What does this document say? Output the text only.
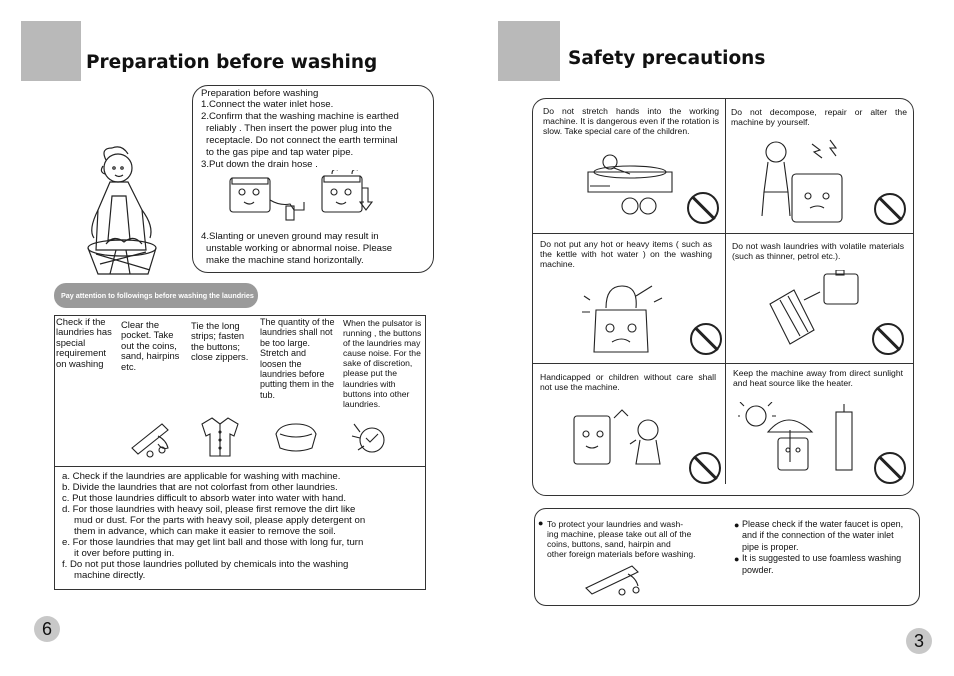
Preparation before washing
Preparation before washing
1.Connect the water inlet hose.
2.Confirm that the washing machine is earthed
reliably . Then insert the power plug into the
receptacle. Do not connect the earth terminal
to the gas pipe and tap water pipe.
3.Put down the drain hose .
4.Slanting or uneven ground may result in
unstable working or abnormal noise. Please
make the machine stand horizontally.
Pay attention to followings before washing the laundries
Check if the laundries has special requirement on washing
Clear the pocket. Take out the coins, sand, hairpins etc.
Tie the long strips; fasten the buttons; close zippers.
The quantity of the laundries shall not be too large. Stretch and loosen the laundries before putting them in the tub.
When the pulsator is running , the buttons of the laundries may cause noise. For the sake of discretion, please put the laundries with buttons into other laundries.
a. Check if the laundries are applicable for washing with machine.
b. Divide the laundries that are not colorfast from other laundries.
c. Put those laundries difficult to absorb water into water with hand.
d. For those laundries with heavy soil, please first remove the dirt like
mud or dust. For the parts with heavy soil, please apply detergent on
them in advance, which can make it easier to remove the soil.
e. For those laundries that may get lint ball and those with long fur, turn
it over before putting in.
f. Do not put those laundries polluted by chemicals into the washing
machine directly.
6
Safety precautions
Do not stretch hands into the working machine. It is dangerous even if the rotation is slow. Take special care of the children.
Do not decompose, repair or alter the machine by yourself.
Do not put any hot or heavy items ( such as the kettle with hot water ) on the washing machine.
Do not wash laundries with volatile materials (such as thinner, petrol etc.).
Handicapped or children without care shall not use the machine.
Keep the machine away from direct sunlight and heat source like the heater.
● To protect your laundries and wash-
ing machine, please take out all of the
coins, buttons, sand, hairpin and
other foreign materials before washing.
● Please check if the water faucet is open,
and if the connection of the water inlet
pipe is proper.
● It is suggested to use foamless washing
powder.
3
